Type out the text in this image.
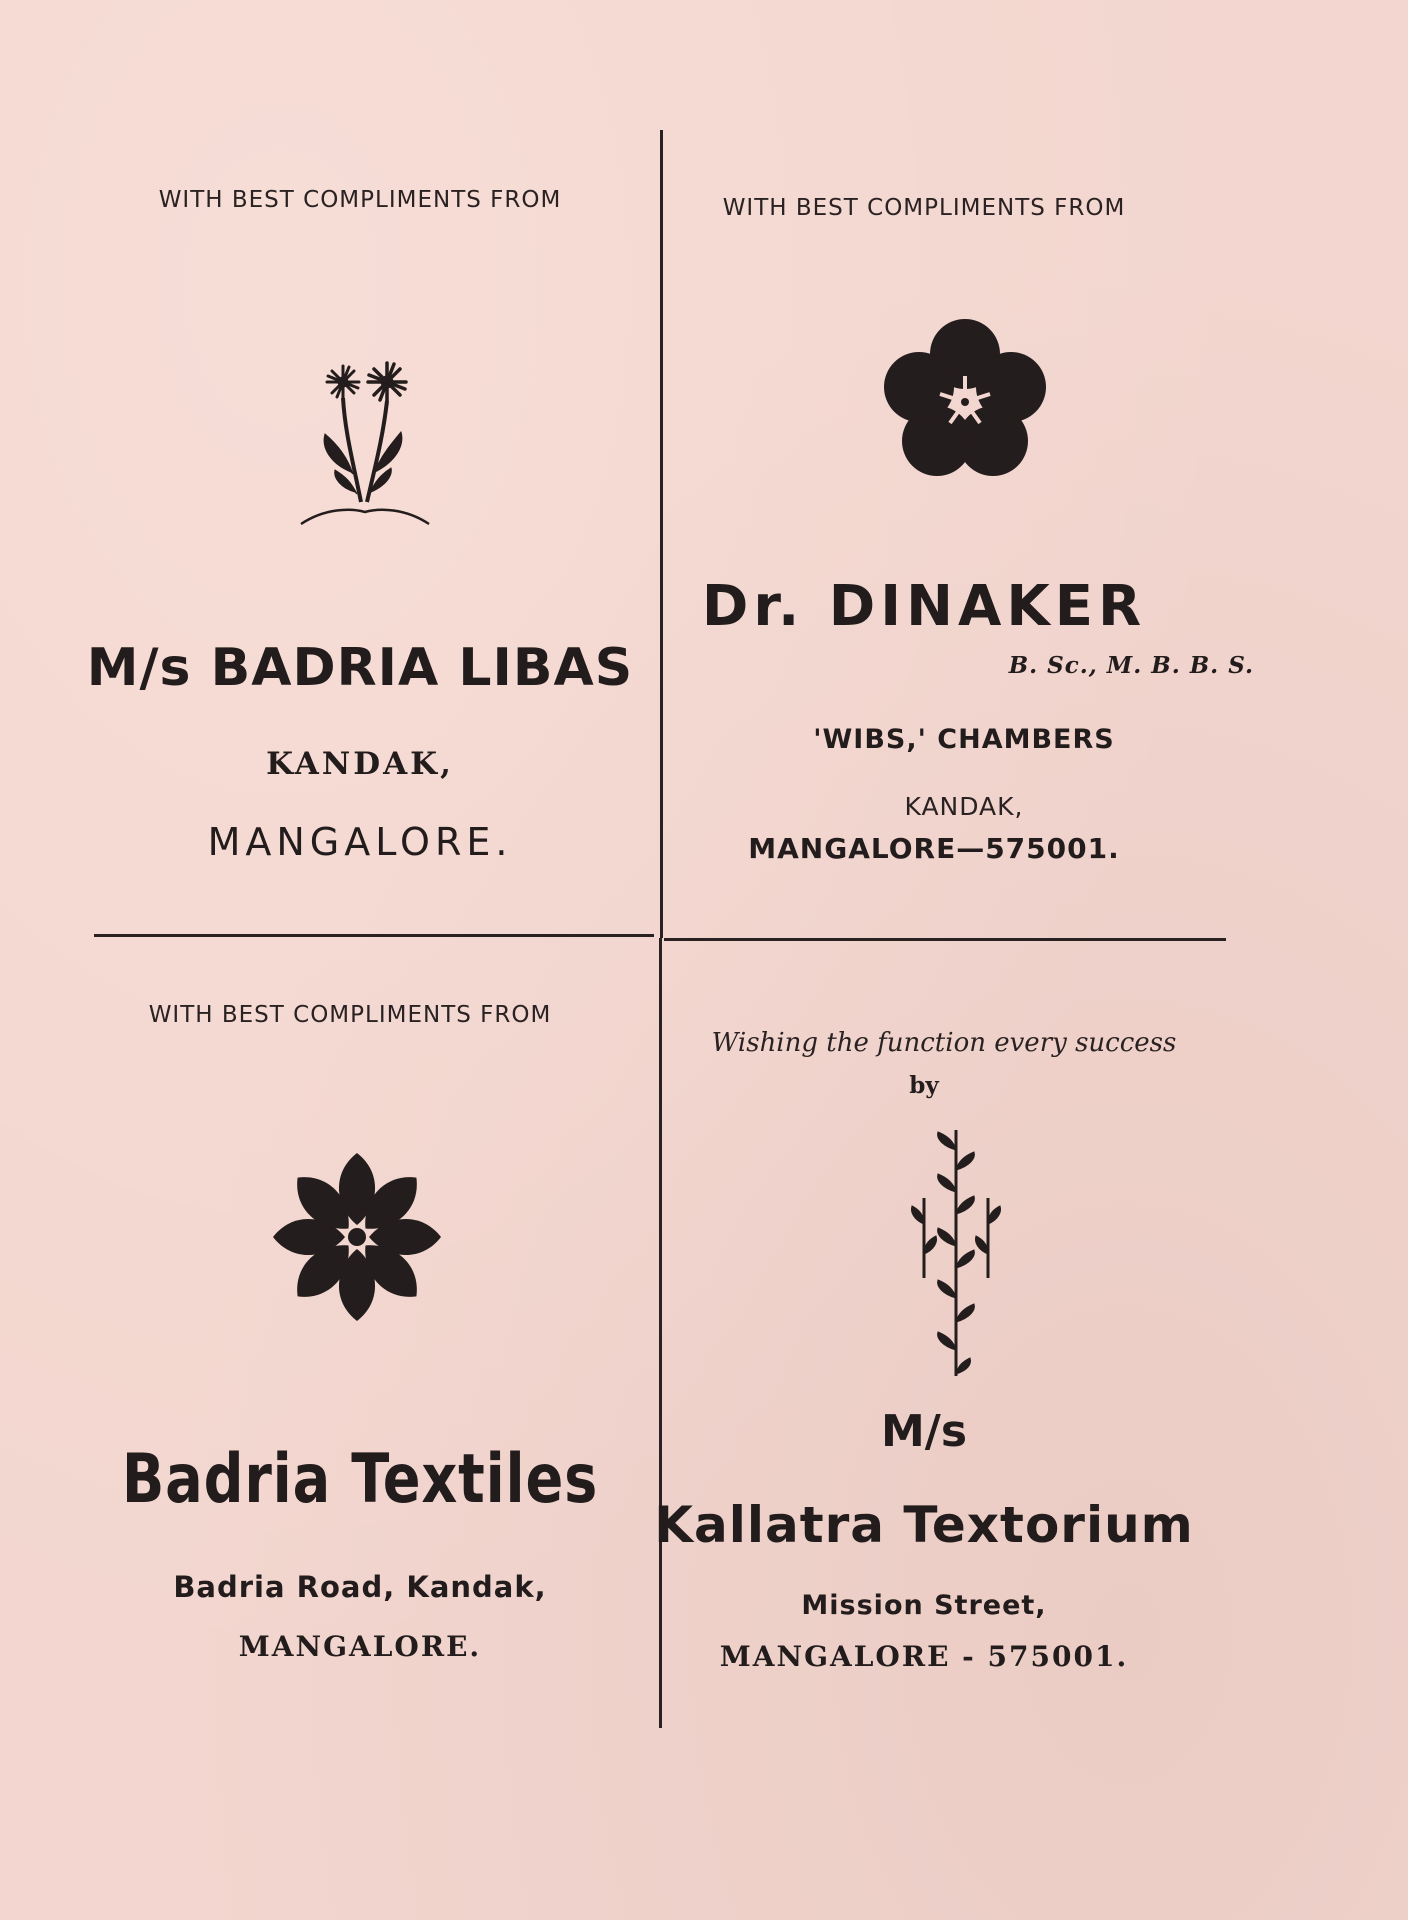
WITH BEST COMPLIMENTS FROM
M/s BADRIA LIBAS
KANDAK,
MANGALORE.
WITH BEST COMPLIMENTS FROM
Dr. DINAKER
B. Sc., M. B. B. S.
'WIBS,' CHAMBERS
KANDAK,
MANGALORE—575001.
WITH BEST COMPLIMENTS FROM
Badria Textiles
Badria Road, Kandak,
MANGALORE.
Wishing the function every success
by
M/s
Kallatra Textorium
Mission Street,
MANGALORE - 575001.
